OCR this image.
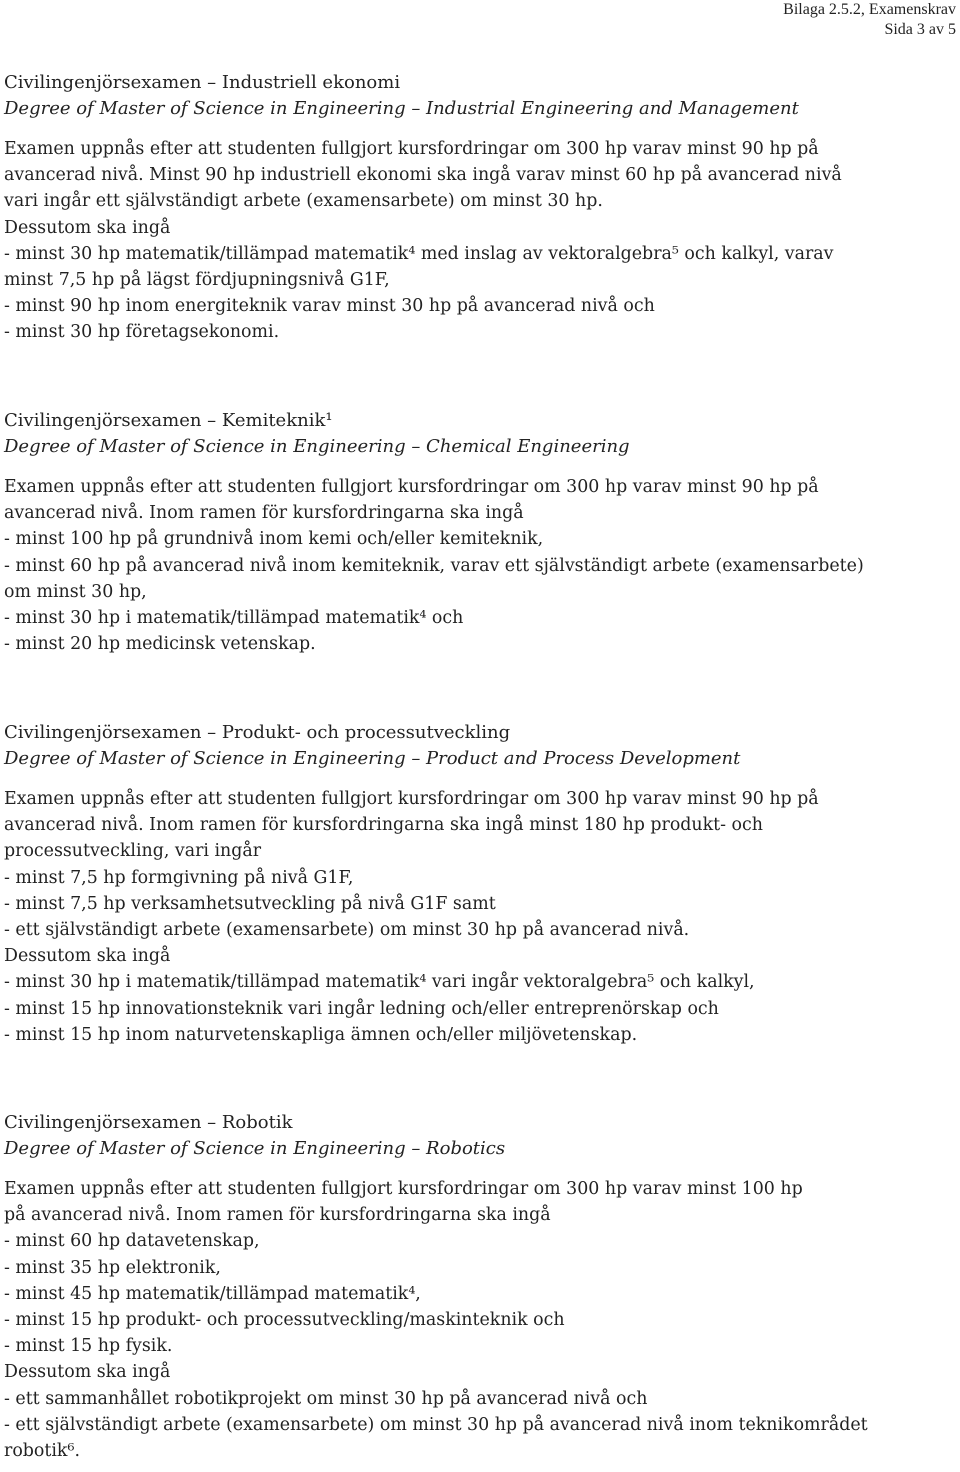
Bilaga 2.5.2, Examenskrav
Sida 3 av 5
Civilingenjörsexamen – Industriell ekonomi

Degree of Master of Science in Engineering – Industrial Engineering and Management

Examen uppnås efter att studenten fullgjort kursfordringar om 300 hp varav minst 90 hp på

avancerad nivå. Minst 90 hp industriell ekonomi ska ingå varav minst 60 hp på avancerad nivå

vari ingår ett självständigt arbete (examensarbete) om minst 30 hp.

Dessutom ska ingå

- minst 30 hp matematik/tillämpad matematik⁴ med inslag av vektoralgebra⁵ och kalkyl, varav

minst 7,5 hp på lägst fördjupningsnivå G1F,

- minst 90 hp inom energiteknik varav minst 30 hp på avancerad nivå och

- minst 30 hp företagsekonomi.

Civilingenjörsexamen – Kemiteknik¹

Degree of Master of Science in Engineering – Chemical Engineering

Examen uppnås efter att studenten fullgjort kursfordringar om 300 hp varav minst 90 hp på

avancerad nivå. Inom ramen för kursfordringarna ska ingå

- minst 100 hp på grundnivå inom kemi och/eller kemiteknik,

- minst 60 hp på avancerad nivå inom kemiteknik, varav ett självständigt arbete (examensarbete)

om minst 30 hp,

- minst 30 hp i matematik/tillämpad matematik⁴ och

- minst 20 hp medicinsk vetenskap.

Civilingenjörsexamen – Produkt- och processutveckling

Degree of Master of Science in Engineering – Product and Process Development

Examen uppnås efter att studenten fullgjort kursfordringar om 300 hp varav minst 90 hp på

avancerad nivå. Inom ramen för kursfordringarna ska ingå minst 180 hp produkt- och

processutveckling, vari ingår

- minst 7,5 hp formgivning på nivå G1F,

- minst 7,5 hp verksamhetsutveckling på nivå G1F samt

- ett självständigt arbete (examensarbete) om minst 30 hp på avancerad nivå.

Dessutom ska ingå

- minst 30 hp i matematik/tillämpad matematik⁴ vari ingår vektoralgebra⁵ och kalkyl,

- minst 15 hp innovationsteknik vari ingår ledning och/eller entreprenörskap och

- minst 15 hp inom naturvetenskapliga ämnen och/eller miljövetenskap.

Civilingenjörsexamen – Robotik

Degree of Master of Science in Engineering – Robotics

Examen uppnås efter att studenten fullgjort kursfordringar om 300 hp varav minst 100 hp

på avancerad nivå. Inom ramen för kursfordringarna ska ingå

- minst 60 hp datavetenskap,

- minst 35 hp elektronik,

- minst 45 hp matematik/tillämpad matematik⁴,

- minst 15 hp produkt- och processutveckling/maskinteknik och

- minst 15 hp fysik.

Dessutom ska ingå

- ett sammanhållet robotikprojekt om minst 30 hp på avancerad nivå och

- ett självständigt arbete (examensarbete) om minst 30 hp på avancerad nivå inom teknikområdet

robotik⁶.
